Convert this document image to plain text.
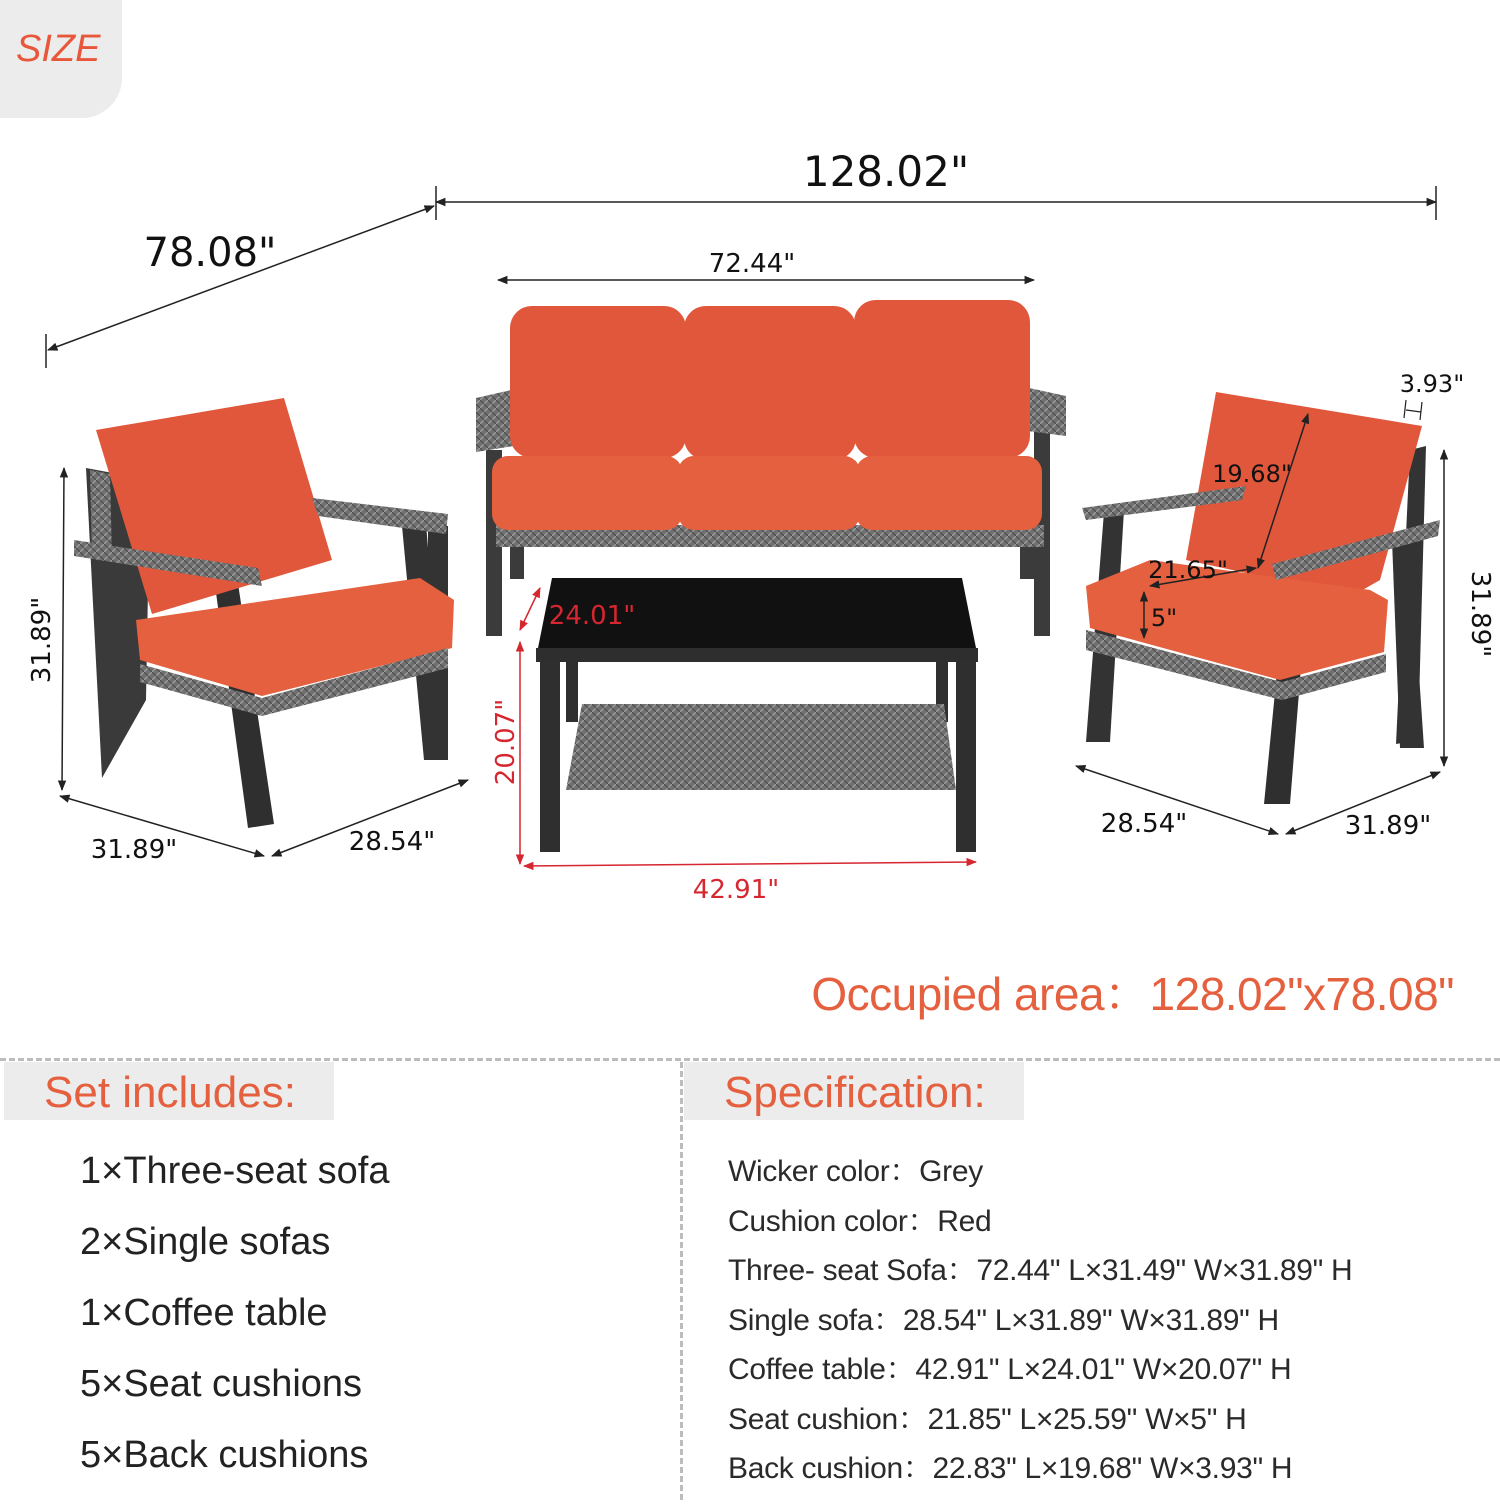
SIZE
128.02"
78.08"	72.44"
24.01"
20.07"
42.91"
31.89"
31.89"	28.54"
3.93"
19.68"
21.65"
5"	31.89"
28.54"	31.89"
Occupied area：128.02"x78.08"
Set includes:
1×Three-seat sofa
2×Single sofas
1×Coffee table
5×Seat cushions
5×Back cushions
Specification:
Wicker color：Grey
Cushion color：Red
Three- seat Sofa：72.44" L×31.49" W×31.89" H
Single sofa：28.54" L×31.89" W×31.89" H
Coffee table：42.91" L×24.01" W×20.07" H
Seat cushion：21.85" L×25.59" W×5" H
Back cushion：22.83" L×19.68" W×3.93" H
